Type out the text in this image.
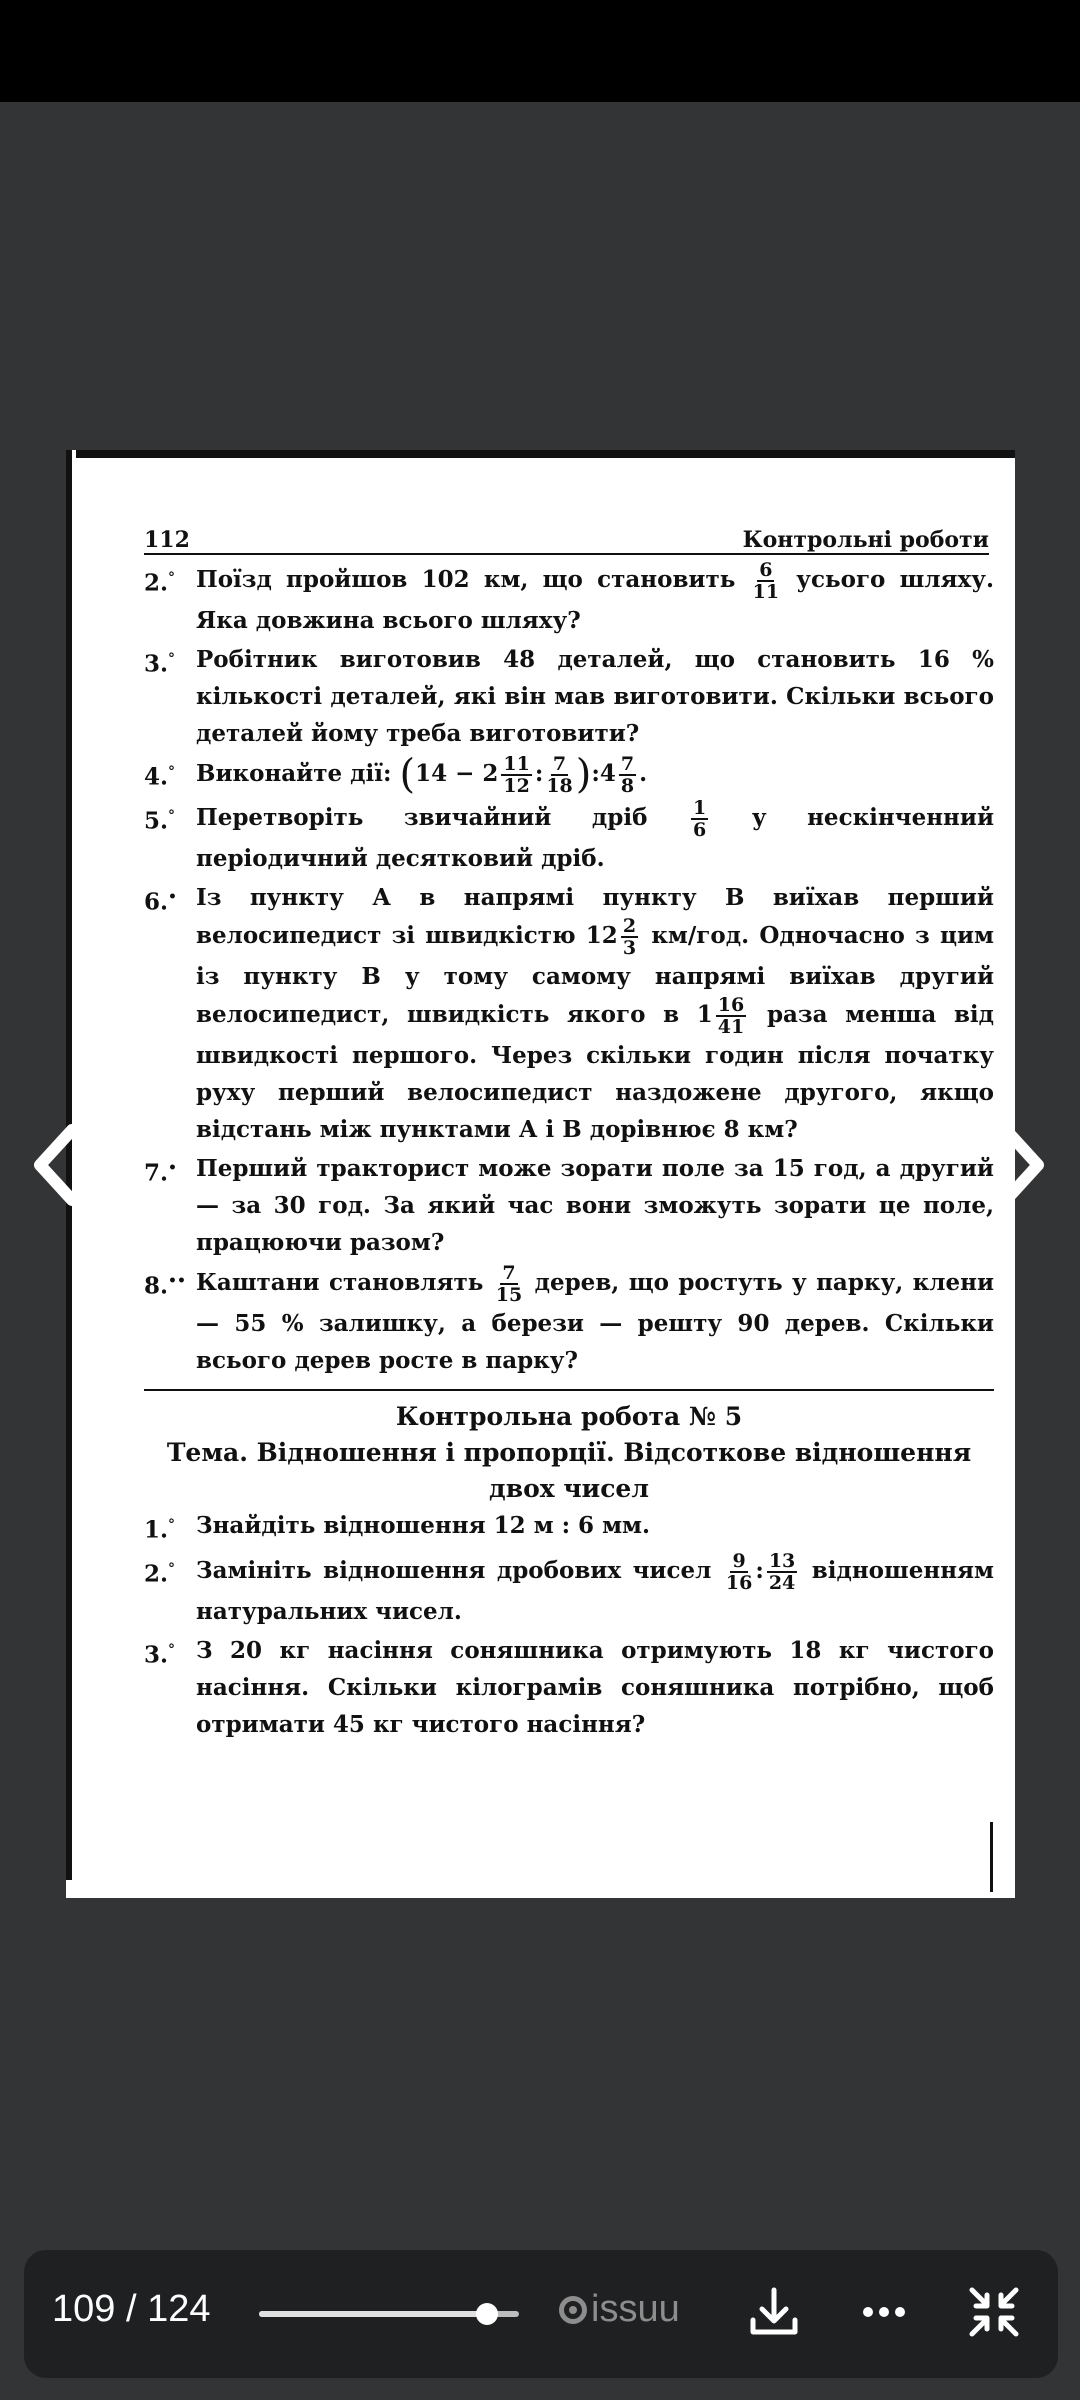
112	Контрольні роботи
2.° Поїзд пройшов 102 км, що становить $\frac{6}{11}$ усього шляху. Яка довжина всього шляху?
3.° Робітник виготовив 48 деталей, що становить 16 % кількості деталей, які він мав виготовити. Скільки всього деталей йому треба виготовити?
4.° Виконайте дії: ($14 - 2 \frac{11}{12}$ : $\frac{7}{18}$ ):4 $\frac{7}{8}$ .
5.° Перетворіть звичайний дріб $\frac{1}{6}$ у нескінченний періодичний десятковий дріб.
6.• Із пункту А в напрямі пункту В виїхав перший велосипедист зі швидкістю $12 \frac{2}{3} км/год$. Одночасно з цим із пункту В у тому самому напрямі виїхав другий велосипедист, швидкість якого в $1 \frac{16}{41}$ раза менша від швидкості першого. Через скільки годин після початку руху перший велосипедист наздожене другого, якщо відстань між пунктами А і В дорівнює 8 км?
7.• Перший тракторист може зорати поле за 15 год, а другий — за 30 год. За який час вони зможуть зорати це поле, працюючи разом?
8.•• Каштани становлять $\frac{7}{15}$ дерев, що ростуть у парку, клени — 55 % залишку, а берези — решту 90 дерев. Скільки всього дерев росте в парку?
Контрольна робота № 5
Тема. Відношення і пропорції. Відсоткове відношення
двох чисел
1.° Знайдіть відношення 12 м : 6 мм.
2.° Замініть відношення дробових чисел $\frac{9}{16}$ : $\frac{13}{24}$ відношенням натуральних чисел.
3.° З 20 кг насіння соняшника отримують 18 кг чистого насіння. Скільки кілограмів соняшника потрібно, щоб отримати 45 кг чистого насіння?
109 / 124	issuu
